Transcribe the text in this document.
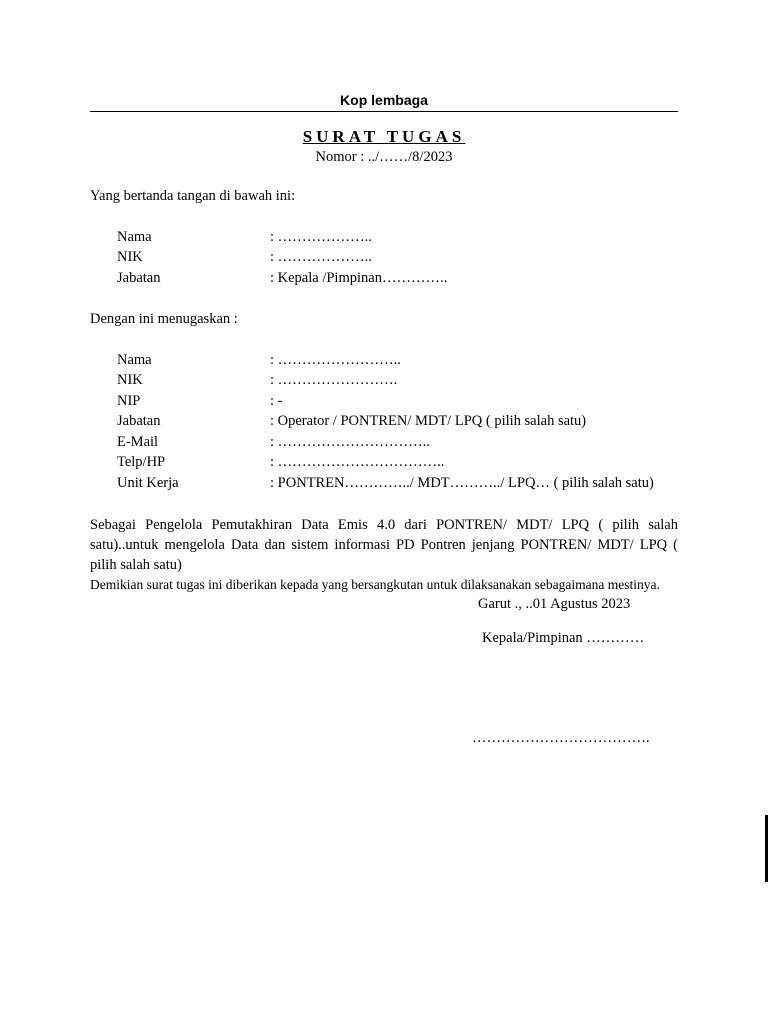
Kop lembaga
SURAT TUGAS
Nomor : ../……/8/2023
Yang bertanda tangan di bawah ini:
Nama	: ………………..
NIK	: ………………..
Jabatan	: Kepala /Pimpinan…………..
Dengan ini menugaskan :
Nama	: ……………………..
NIK	: …………………….
NIP	: -
Jabatan	: Operator / PONTREN/ MDT/ LPQ ( pilih salah satu)
E-Mail	: …………………………..
Telp/HP	: ……………………………..
Unit Kerja	: PONTREN…………../ MDT………../ LPQ… ( pilih salah satu)
Sebagai Pengelola Pemutakhiran Data Emis 4.0 dari PONTREN/ MDT/ LPQ ( pilih salah satu)..untuk mengelola Data dan sistem informasi PD Pontren jenjang PONTREN/ MDT/ LPQ ( pilih salah satu)
Demikian surat tugas ini diberikan kepada yang bersangkutan untuk dilaksanakan sebagaimana mestinya.
Garut ., ..01 Agustus 2023
Kepala/Pimpinan …………
……………………………….
